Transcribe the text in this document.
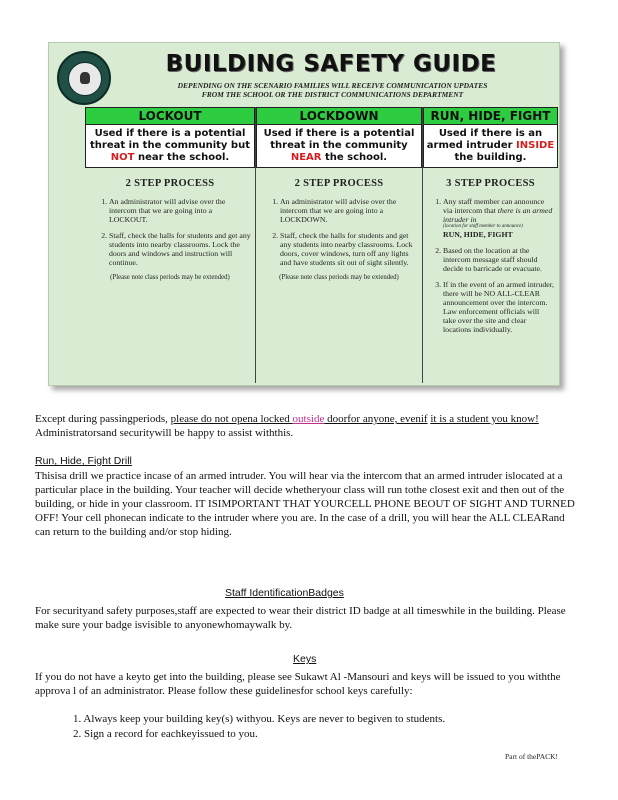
BUILDING SAFETY GUIDE
DEPENDING ON THE SCENARIO FAMILIES WILL RECEIVE COMMUNICATION UPDATES
FROM THE SCHOOL OR THE DISTRICT COMMUNICATIONS DEPARTMENT
LOCKOUT
Used if there is a potential threat in the community but NOT near the school.
2 STEP PROCESS
1. An administrator will advise over the intercom that we are going into a LOCKOUT.
2. Staff, check the halls for students and get any students into nearby classrooms. Lock the doors and windows and instruction will continue.
(Please note class periods may be extended)
LOCKDOWN
Used if there is a potential threat in the community NEAR the school.
2 STEP PROCESS
1. An administrator will advise over the intercom that we are going into a LOCKDOWN.
2. Staff, check the halls for students and get any students into nearby classrooms. Lock doors, cover windows, turn off any lights and have students sit out of sight silently.
(Please note class periods may be extended)
RUN, HIDE, FIGHT
Used if there is an armed intruder INSIDE the building.
3 STEP PROCESS
1. Any staff member can announce via intercom that there is an armed intruder in
(location for staff member to announce)
RUN, HIDE, FIGHT
2. Based on the location at the intercom message staff should decide to barricade or evacuate.
3. If in the event of an armed intruder, there will be NO ALL-CLEAR announcement over the intercom. Law enforcement officials will take over the site and clear locations individually.
Except during passingperiods, please do not opena locked outside doorfor anyone, evenif it is a student you know! Administratorsand securitywill be happy to assist withthis.
Run, Hide, Fight Drill
Thisisa drill we practice incase of an armed intruder. You will hear via the intercom that an armed intruder islocated at a particular place in the building. Your teacher will decide whetheryour class will run tothe closest exit and then out of the building, or hide in your classroom. IT ISIMPORTANT THAT YOURCELL PHONE BEOUT OF SIGHT AND TURNED OFF! Your cell phonecan indicate to the intruder where you are. In the case of a drill, you will hear the ALL CLEARand can return to the building and/or stop hiding.
Staff IdentificationBadges
For securityand safety purposes,staff are expected to wear their district ID badge at all timeswhile in the building. Please make sure your badge isvisible to anyonewhomaywalk by.
Keys
If you do not have a keyto get into the building, please see Sukawt Al -Mansouri and keys will be issued to you withthe approva l of an administrator. Please follow these guidelinesfor school keys carefully:
1. Always keep your building key(s) withyou. Keys are never to begiven to students.
2. Sign a record for eachkeyissued to you.
Part of thePACK!
